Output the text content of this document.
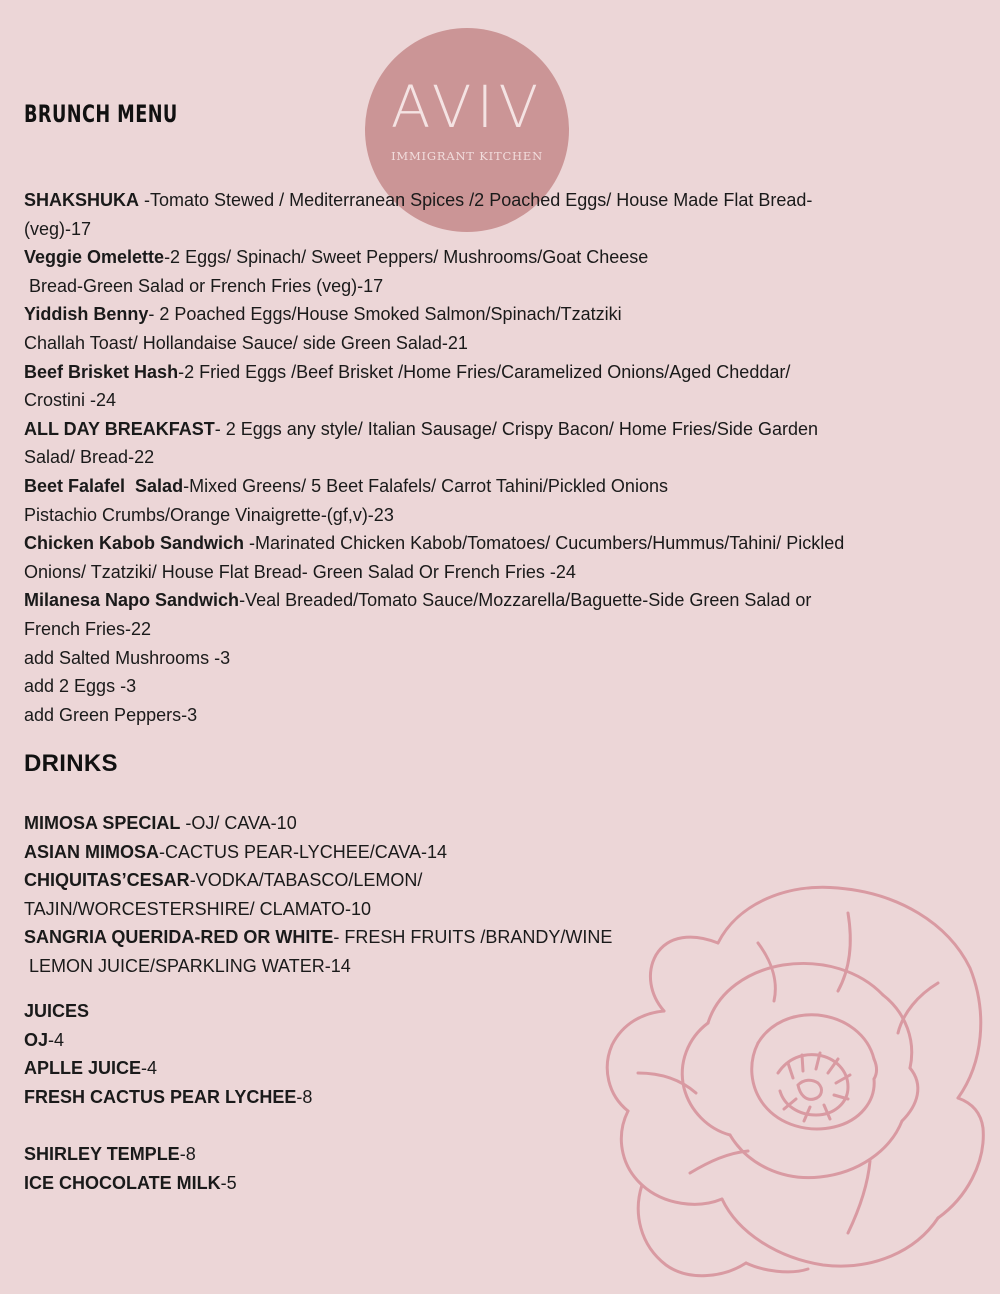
AVIV
IMMIGRANT KITCHEN
BRUNCH MENU

SHAKSHUKA -Tomato Stewed / Mediterranean Spices /2 Poached Eggs/ House Made Flat Bread-
(veg)-17

Veggie Omelette-2 Eggs/ Spinach/ Sweet Peppers/ Mushrooms/Goat Cheese
Bread-Green Salad or French Fries (veg)-17

Yiddish Benny- 2 Poached Eggs/House Smoked Salmon/Spinach/Tzatziki
Challah Toast/ Hollandaise Sauce/ side Green Salad-21

Beef Brisket Hash-2 Fried Eggs /Beef Brisket /Home Fries/Caramelized Onions/Aged Cheddar/
Crostini -24

ALL DAY BREAKFAST- 2 Eggs any style/ Italian Sausage/ Crispy Bacon/ Home Fries/Side Garden
Salad/ Bread-22

Beet Falafel  Salad-Mixed Greens/ 5 Beet Falafels/ Carrot Tahini/Pickled Onions
Pistachio Crumbs/Orange Vinaigrette-(gf,v)-23

Chicken Kabob Sandwich -Marinated Chicken Kabob/Tomatoes/ Cucumbers/Hummus/Tahini/ Pickled
Onions/ Tzatziki/ House Flat Bread- Green Salad Or French Fries -24

Milanesa Napo Sandwich-Veal Breaded/Tomato Sauce/Mozzarella/Baguette-Side Green Salad or
French Fries-22

add Salted Mushrooms -3

add 2 Eggs -3

add Green Peppers-3

DRINKS

MIMOSA SPECIAL -OJ/ CAVA-10

ASIAN MIMOSA-CACTUS PEAR-LYCHEE/CAVA-14

CHIQUITAS’CESAR-VODKA/TABASCO/LEMON/
TAJIN/WORCESTERSHIRE/ CLAMATO-10

SANGRIA QUERIDA-RED OR WHITE- FRESH FRUITS /BRANDY/WINE
LEMON JUICE/SPARKLING WATER-14

JUICES

OJ-4

APLLE JUICE-4

FRESH CACTUS PEAR LYCHEE-8

SHIRLEY TEMPLE-8

ICE CHOCOLATE MILK-5
